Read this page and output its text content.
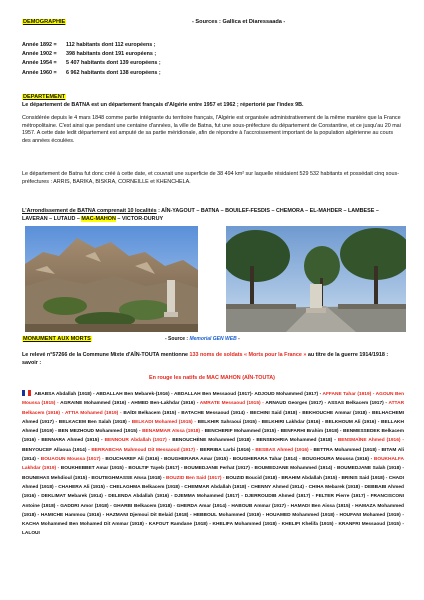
DEMOGRAPHIE	- Sources : Gallica et Diaressaada -
Année 1892 = 112 habitants dont 112 européens ;
Année 1902 = 398 habitants dont 191 européens ;
Année 1954 = 5 407 habitants dont 139 européens ;
Année 1960 = 6 962 habitants dont 138 européens ;
DEPARTEMENT
Le département de BATNA est un département français d'Algérie entre 1957 et 1962 ; répertorié par l'index 9B.
Considérée depuis le 4 mars 1848 comme partie intégrante du territoire français, l'Algérie est organisée administrativement de la même manière que la France métropolitaine. C'est ainsi que pendant une centaine d'années, la ville de Batna, fut une sous-préfecture du département de Constantine, et ce jusqu'au 20 mai 1957. A cette date ledit département est amputé de sa partie méridionale, afin de répondre à l'accroissement important de la population algérienne au cours des années écoulées.
Le département de Batna fut donc créé à cette date, et couvrait une superficie de 38 494 km² sur laquelle résidaient 529 532 habitants et possédait cinq sous-préfectures : ARRIS, BARIKA, BISKRA, CORNEILLE et KHENCHELA.
L'Arrondissement de BATNA comprenait 10 localités : AÏN-YAGOUT – BATNA – BOUILEF-FESDIS – CHEMORA – EL-MAHDER – LAMBESE – LAVERAN – LUTAUD – MAC-MAHON – VICTOR-DURUY
MONUMENT AUX MORTS	- Source : Memorial GEN WEB -
Le relevé n°57266 de la Commune Mixte d'AÏN-TOUTA mentionne 133 noms de soldats « Morts pour la France » au titre de la guerre 1914/1918 : savoir :
En rouge les natifs de MAC MAHON (AÏN-TOUTA)
ABABSA Abdallah (1918) - ABDALLAH Ben Mebarek-(1916) - ABDALLAH Ben Messaoud (1917)- ADJOUD Mohammed (1917) - AFFANE Tahar (1919) - AGOUN Ben Moussa (1915) - AGRAINE Mohammed (1916) - AHMED Ben-Lakhdar (1916) - AMRATE Messaoud (1915) - ARNAUD Georges (1917) - ASSAS Belkacem (1917) - ATTAR Belkacem (1916) - ATTIA Mohamed (1919) - BAÏDI Belkacem (1915) - BATACHE Messaoud (1914) - BECHINI Said (1918) - BEKHOUCHE Ammar (1918) - BELHACHEMI Ahmed (1917) - BELKACEM Ben Salah (1918) - BELKADI Mohamed (1915) - BELKHIR Sahraoui (1915) - BELKHIRI Lakhdar (1916) - BELKHOUM Ali (1916) - BELLAKH Ahmed (1919) - BEN MEZHOUD Mohammed (1915) - BENAMMAR Aïssa (1918) - BENCHERIF Mohammed (1915) - BENFARHI Brahim (1918) - BENMESSEDEK Belkacem (1916) - BENNARA Ahmed (1915) - BENNOUR Abdallah (1917) - BENOUCHÈNE Mohammed (1918) - BENSEKHRIA Mohammed (1918) - BENSMAÏNE Ahmed (1916) - BENYOUCEF Allaoua (1914) - BERRABCHA Mahmoud Dit Messaoud (1917) - BERRIBA Larbi (1916) - BESBAS Ahmed (1916) - BETTRA Mohammed (1918) - BITAM Ali (1914) - BOUAOUN Moussa (1917) - BOUCHAREF Ali (1916) - BOUGHERARA Amar (1915) - BOUGHERARA Tahar (1914) - BOUGHOURA Moussa (1916) - BOUKHALFA Lakhdar (1919) - BOUKHEBBET Amar (1915) - BOULTIF Tayeb (1917) - BOUMEDJANE Ferhat (1917) - BOUMEDJANE Mohammed (1914) - BOUMEDJANE Salah (1918) - BOUNEHAS Mehdioul (1915) - BOUTEGHMASSE Aïssa (1918) - BOUZID Ben Said (1917) - BOUZID Boucid (1918) - BRAHIM Abdallah (1915) - BRINIS Said (1918) - CHADI Ahmed (1918) - CHAHERA Ali (1915) - CHELAGHMA Belkacem (1918) - CHEMMAR Abdallah (1918) - CHENNY Ahmed (1914) - CHIHA Mebarek (1918) - DEBBABI Ahmed (1916) - DEKLIMAT Mebarek (1914) - DELENDA Abdallah (1916) - DJEMMA Mohammed (1917) - DJERROUDIB Ahmed (1917) - FELTER Pierre (1917) - FRANCISCONI Antoine (1918) - GADDRI Amor (1918) - GHARBI Belkacem (1918) - GHERDA Amar (1914) - HABOUB Ammar (1917) - HAMADI Ben Aissa (1915) - HAMAZA Mohammed (1918) - HAMICHE Hammou (1916) - HAZMANI Djemoui Dit Belaid (1918) - HEBBOUL Mohammed (1919) - HOUAMED Mohammed (1918) - HOUFANI Mohamed (1919) - KACHA Mohammed Ben Mohamed Dit Ammar (1918) - KAFOUT Ramdane (1918) - KHELIFA Mohammed (1918) - KHELIFI Khelifa (1915) - KRANFRI Messaoud (1915) - LALOUI
